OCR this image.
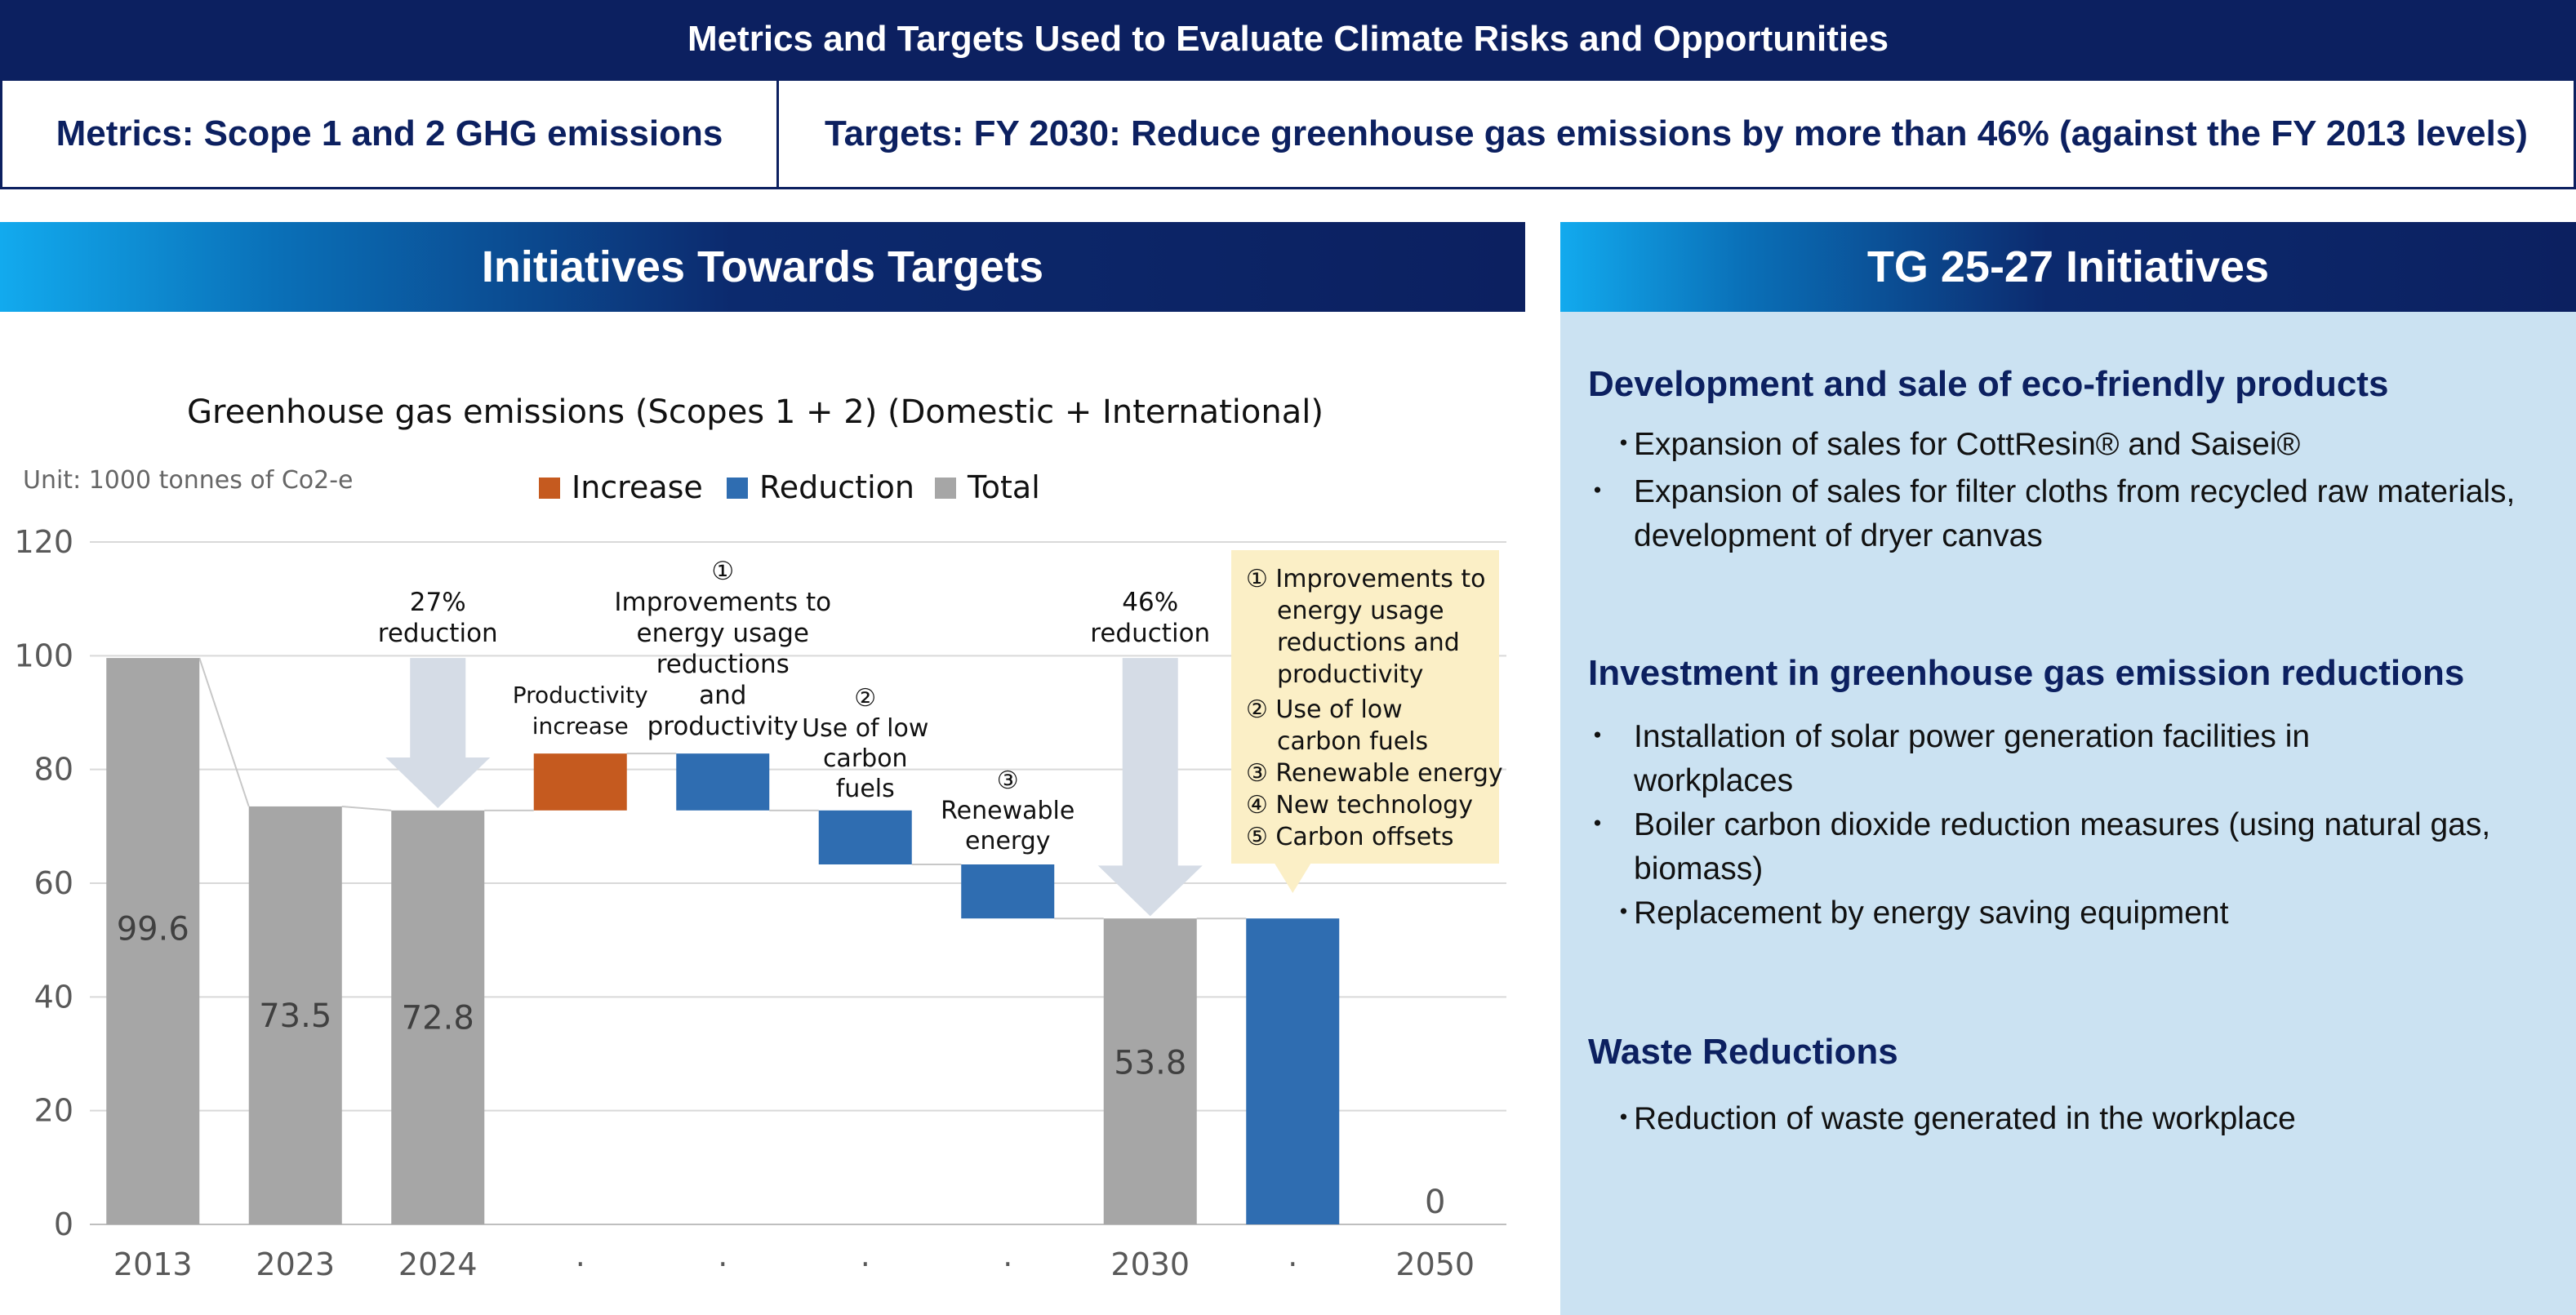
Metrics and Targets Used to Evaluate Climate Risks and Opportunities
Metrics: Scope 1 and 2 GHG emissions	Targets: FY 2030: Reduce greenhouse gas emissions by more than 46% (against the FY 2013 levels)
Initiatives Towards Targets	TG 25-27 Initiatives
Greenhouse gas emissions (Scopes 1 + 2) (Domestic + International)
Unit: 1000 tonnes of Co2-e	Increase Reduction Total
0
20
40
60
80
100
120
99.6
73.5 72.8
53.8
0
2013 2023 2024	·	·	·	·	2030	·	2050
27%
reduction
46%
reduction
Productivity
increase
①
Improvements to
energy usage
reductions
and
productivity
②
Use of low
carbon
fuels	③
Renewable
energy
① Improvements to
energy usage
reductions and
productivity
② Use of low
carbon fuels
③ Renewable energy
④ New technology
⑤ Carbon offsets
Development and sale of eco-friendly products
・Expansion of sales for CottResin® and Saisei®
・ Expansion of sales for filter cloths from recycled raw materials, development of dryer canvas
Investment in greenhouse gas emission reductions
・ Installation of solar power generation facilities in workplaces
・ Boiler carbon dioxide reduction measures (using natural gas, biomass)
・Replacement by energy saving equipment
Waste Reductions
・Reduction of waste generated in the workplace
